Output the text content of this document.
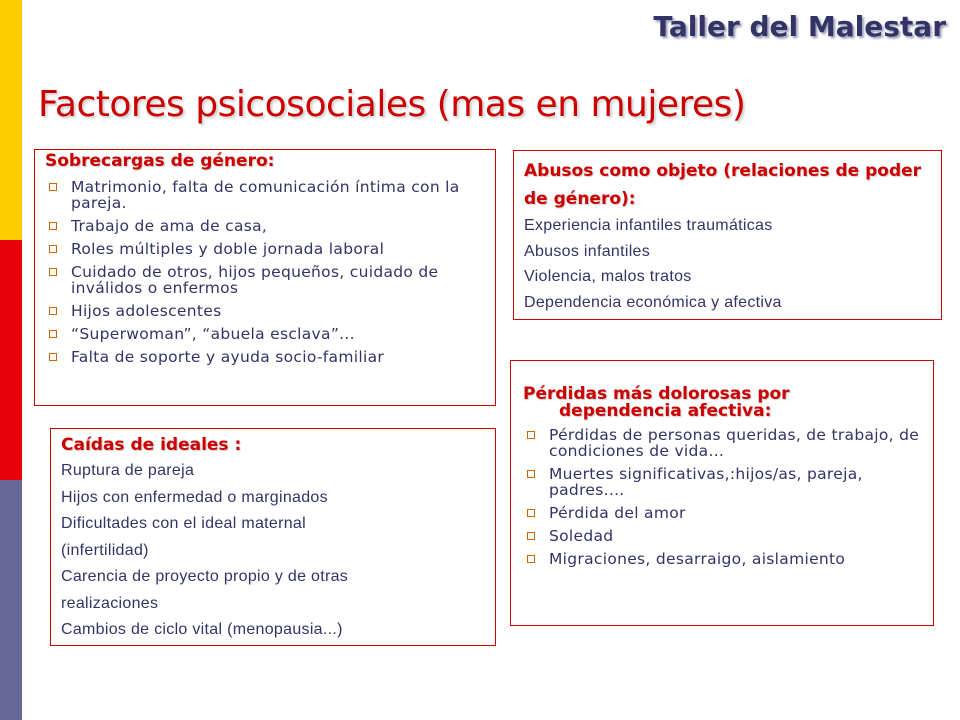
Taller del Malestar
Factores psicosociales (mas en mujeres)
Sobrecargas de género:
Matrimonio, falta de comunicación íntima con la pareja.
Trabajo de ama de casa,
Roles múltiples y doble jornada laboral
Cuidado de otros, hijos pequeños, cuidado de inválidos o enfermos
Hijos adolescentes
“Superwoman”, “abuela esclava”...
Falta de soporte y ayuda socio-familiar
Abusos como objeto (relaciones de poder de género):
Experiencia infantiles traumáticas
Abusos infantiles
Violencia, malos tratos
Dependencia económica y afectiva
Caídas de ideales :
Ruptura de pareja
Hijos con enfermedad o marginados
Dificultades con el ideal maternal
(infertilidad)
Carencia de proyecto propio y de otras
realizaciones
Cambios de ciclo vital (menopausia...)
Pérdidas más dolorosas por
dependencia afectiva:
Pérdidas de personas queridas, de trabajo, de condiciones de vida...
Muertes significativas,:hijos/as, pareja, padres....
Pérdida del amor
Soledad
Migraciones, desarraigo, aislamiento
